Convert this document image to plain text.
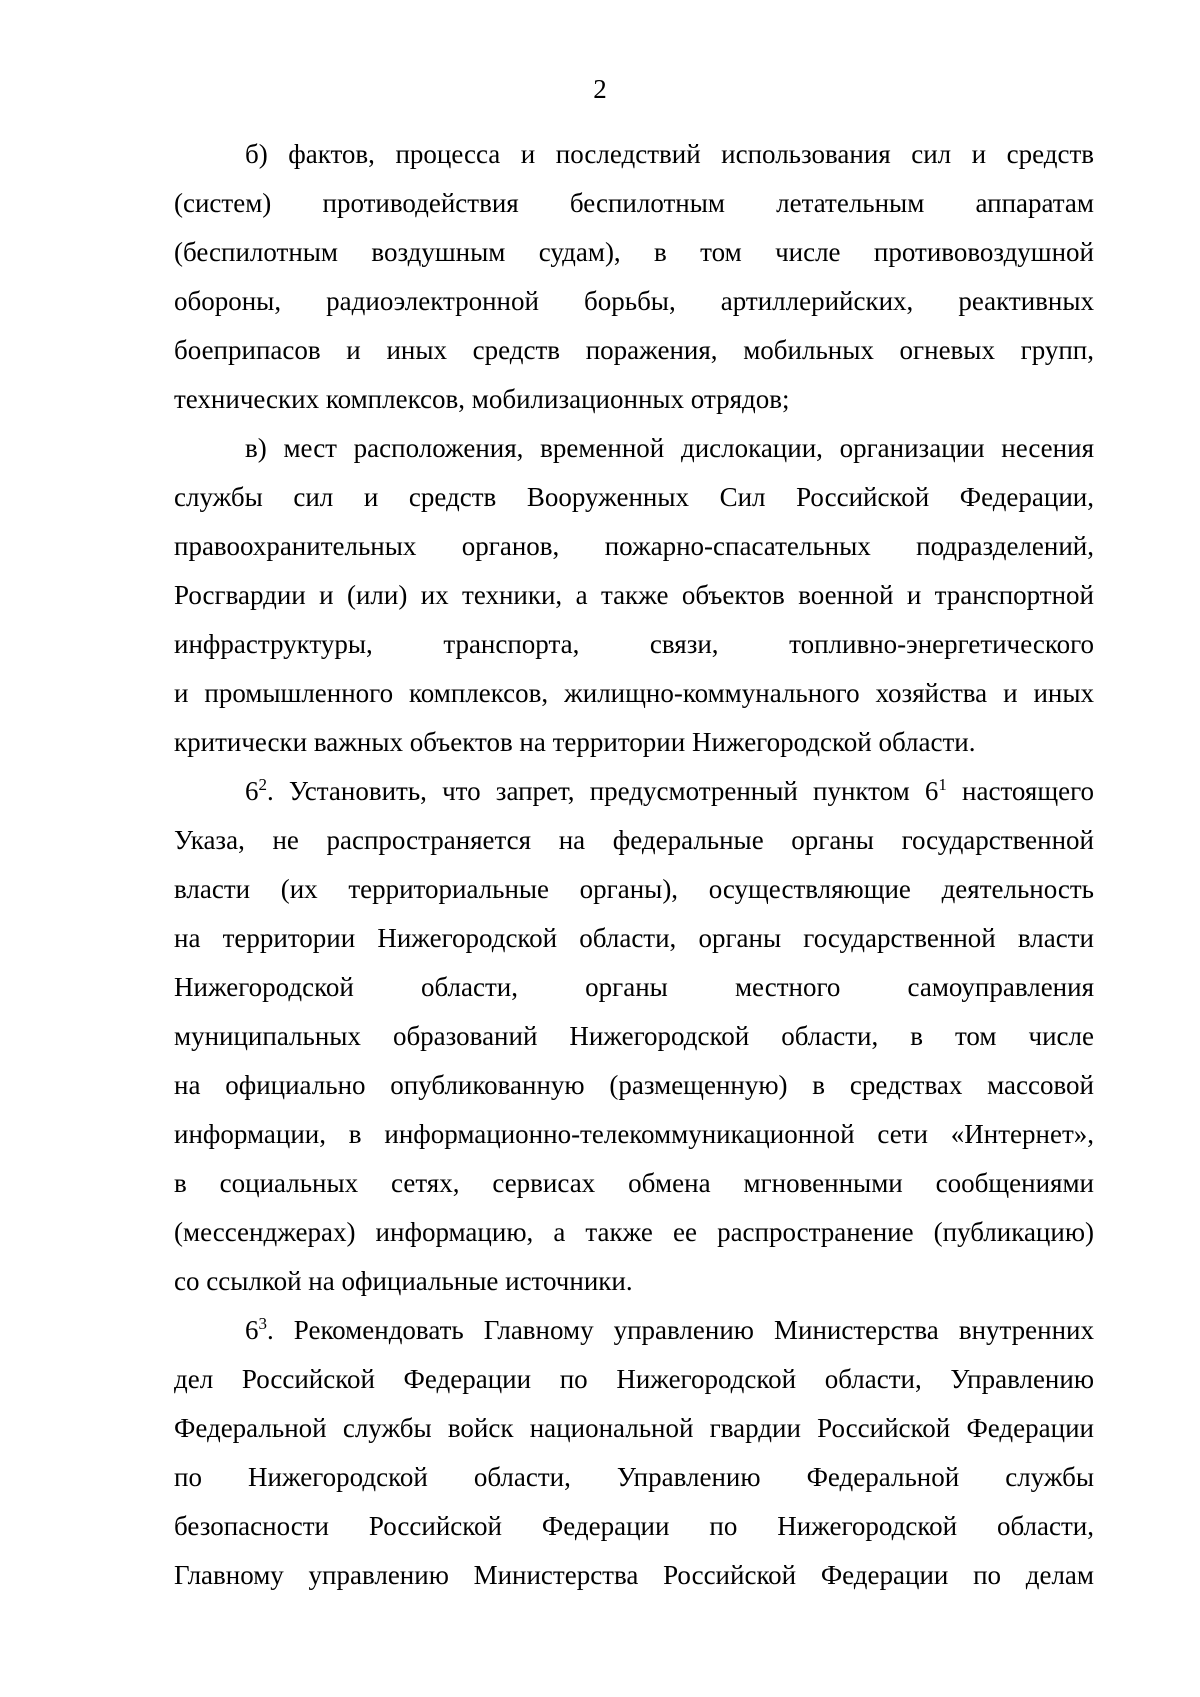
2
б) фактов, процесса и последствий использования сил и средств
(систем) противодействия беспилотным летательным аппаратам
(беспилотным воздушным судам), в том числе противовоздушной
обороны, радиоэлектронной борьбы, артиллерийских, реактивных
боеприпасов и иных средств поражения, мобильных огневых групп,
технических комплексов, мобилизационных отрядов;
в) мест расположения, временной дислокации, организации несения
службы сил и средств Вооруженных Сил Российской Федерации,
правоохранительных органов, пожарно-спасательных подразделений,
Росгвардии и (или) их техники, а также объектов военной и транспортной
инфраструктуры, транспорта, связи, топливно-энергетического
и промышленного комплексов, жилищно-коммунального хозяйства и иных
критически важных объектов на территории Нижегородской области.
$6^2$. Установить, что запрет, предусмотренный пунктом $6^1$ настоящего
Указа, не распространяется на федеральные органы государственной
власти (их территориальные органы), осуществляющие деятельность
на территории Нижегородской области, органы государственной власти
Нижегородской области, органы местного самоуправления
муниципальных образований Нижегородской области, в том числе
на официально опубликованную (размещенную) в средствах массовой
информации, в информационно-телекоммуникационной сети «Интернет»,
в социальных сетях, сервисах обмена мгновенными сообщениями
(мессенджерах) информацию, а также ее распространение (публикацию)
со ссылкой на официальные источники.
$6^3$. Рекомендовать Главному управлению Министерства внутренних
дел Российской Федерации по Нижегородской области, Управлению
Федеральной службы войск национальной гвардии Российской Федерации
по Нижегородской области, Управлению Федеральной службы
безопасности Российской Федерации по Нижегородской области,
Главному управлению Министерства Российской Федерации по делам
